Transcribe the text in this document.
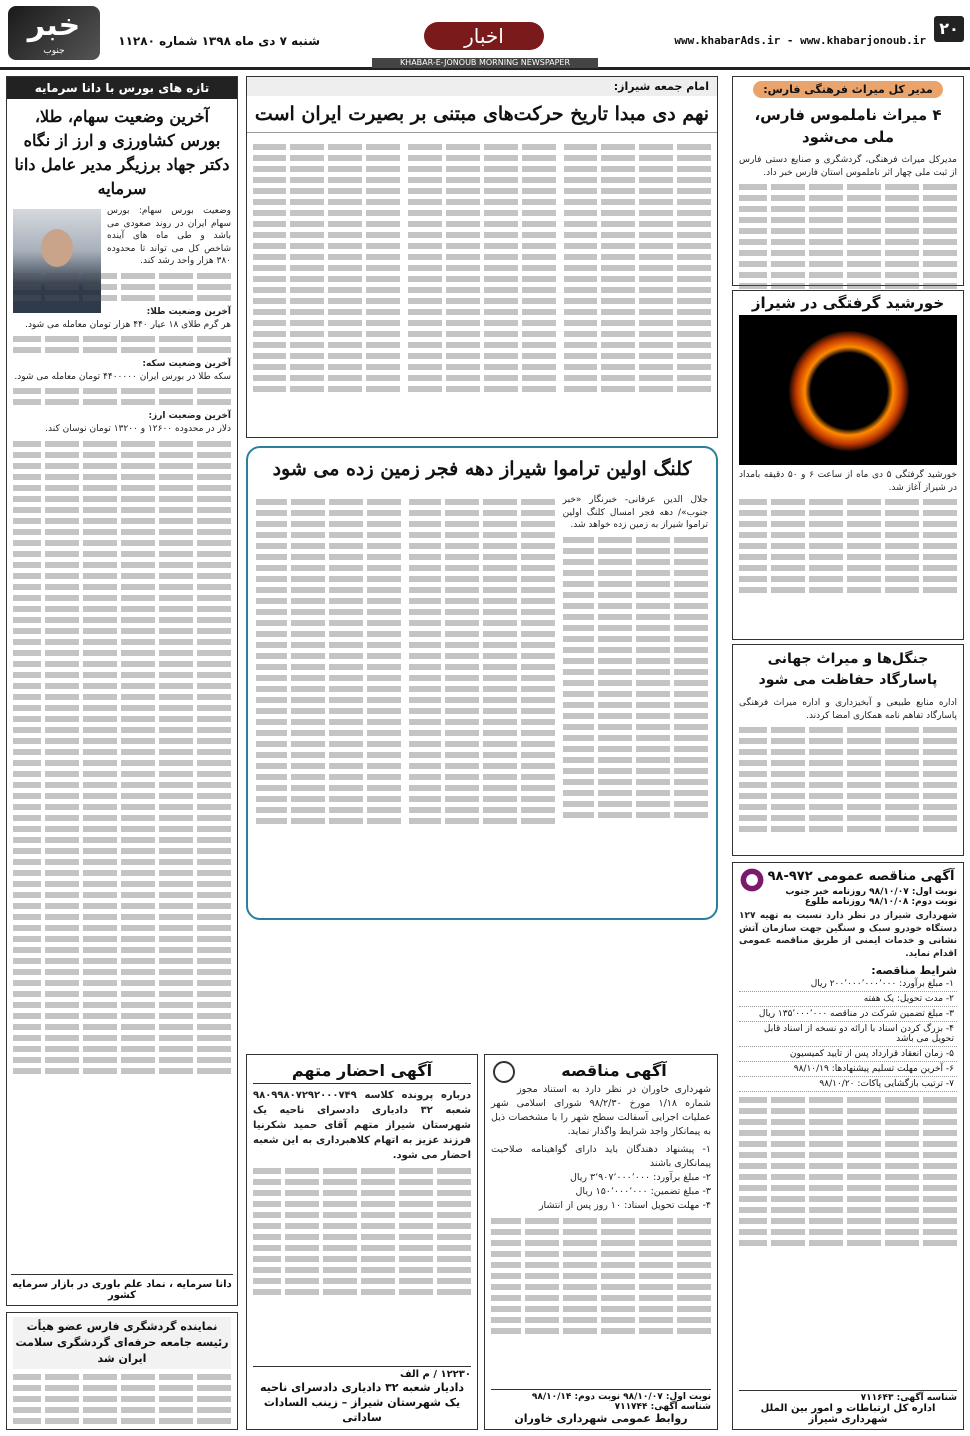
۲۰
www.khabarAds.ir - www.khabarjonoub.ir
اخبار
شنبه ۷ دی ماه ۱۳۹۸ شماره ۱۱۲۸۰
خبر
جنوب
KHABAR-E-JONOUB MORNING NEWSPAPER
تازه های بورس با دانا سرمایه
آخرین وضعیت سهام، طلا، بورس کشاورزی و ارز از نگاه دکتر جهاد برزیگر مدیر عامل دانا سرمایه

وضعیت بورس سهام: بورس سهام ایران در روند صعودی می باشد و طی ماه های آینده شاخص کل می تواند تا محدوده ۳۸۰ هزار واحد رشد کند.

آخرین وضعیت طلا:

هر گرم طلای ۱۸ عیار ۴۴۰ هزار تومان معامله می شود.

آخرین وضعیت سکه:

سکه طلا در بورس ایران ۴۴۰۰۰۰۰ تومان معامله می شود.

آخرین وضعیت ارز:

دلار در محدوده ۱۲۶۰۰ و ۱۳۲۰۰ تومان نوسان کند.

دانا سرمایه ، نماد علم باوری در بازار سرمایه کشور
نماینده گردشگری فارس عضو هیأت رئیسه جامعه حرفه‌ای گردشگری سلامت ایران شد
امام جمعه شیراز:
نهم دی مبدا تاریخ حرکت‌های مبتنی بر بصیرت ایران است
کلنگ اولین تراموا شیراز دهه فجر زمین زده می شود

جلال الدین عرفانی- خبرنگار «خبر جنوب»/ دهه فجر امسال کلنگ اولین تراموا شیراز به زمین زده خواهد شد.

آگهی مناقصه

شهرداری خاوران در نظر دارد به استناد مجوز شماره ۱/۱۸ مورخ ۹۸/۲/۳۰ شورای اسلامی شهر عملیات اجرایی آسفالت سطح شهر را با مشخصات ذیل به پیمانکار واجد شرایط واگذار نماید.

۱- پیشنهاد دهندگان باید دارای گواهینامه صلاحیت پیمانکاری باشند

۲- مبلغ برآورد: ۳٬۹۰۷٬۰۰۰٬۰۰۰ ریال

۳- مبلغ تضمین: ۱۵۰٬۰۰۰٬۰۰۰ ریال

۴- مهلت تحویل اسناد: ۱۰ روز پس از انتشار

نوبت اول: ۹۸/۱۰/۰۷ نوبت دوم: ۹۸/۱۰/۱۴

شناسه آگهی: ۷۱۱۷۴۴

روابط عمومی شهرداری خاوران

آگهی احضار متهم

درباره پرونده کلاسه ۹۸۰۹۹۸۰۷۲۹۲۰۰۰۷۴۹ شعبه ۳۲ دادیاری دادسرای ناحیه یک شهرستان شیراز متهم آقای حمید شکرنیا فرزند عزیز به اتهام کلاهبرداری به این شعبه احضار می شود.

۱۲۲۳۰ / م الف

دادیار شعبه ۳۲ دادیاری دادسرای ناحیه یک شهرستان شیراز – زینب السادات ساداتی

مدیر کل میراث فرهنگی فارس:
۴ میراث ناملموس فارس، ملی می‌شود

مدیرکل میراث فرهنگی، گردشگری و صنایع دستی فارس از ثبت ملی چهار اثر ناملموس استان فارس خبر داد.

خورشید گرفتگی در شیراز

خورشید گرفتگی ۵ دی ماه از ساعت ۶ و ۵۰ دقیقه بامداد در شیراز آغاز شد.

جنگل‌ها و میراث جهانی پاسارگاد حفاظت می شود

اداره منابع طبیعی و آبخیزداری و اداره میراث فرهنگی پاسارگاد تفاهم نامه همکاری امضا کردند.

آگهی مناقصه عمومی ۹۷۲-۹۸

نوبت اول: ۹۸/۱۰/۰۷ روزنامه خبر جنوب

نوبت دوم: ۹۸/۱۰/۰۸ روزنامه طلوع

شهرداری شیراز در نظر دارد نسبت به تهیه ۱۲۷ دستگاه خودرو سبک و سنگین جهت سازمان آتش نشانی و خدمات ایمنی از طریق مناقصه عمومی اقدام نماید.

شرایط مناقصه:

۱- مبلغ برآورد: ۲۰۰٬۰۰۰٬۰۰۰٬۰۰۰ ریال
۲- مدت تحویل: یک هفته
۳- مبلغ تضمین شرکت در مناقصه ۱۳۵٬۰۰۰٬۰۰۰ ریال
۴- بزرگ کردن اسناد با ارائه دو نسخه از اسناد قابل تحویل می باشد
۵- زمان انعقاد قرارداد پس از تایید کمیسیون
۶- آخرین مهلت تسلیم پیشنهادها: ۹۸/۱۰/۱۹
۷- ترتیب بازگشایی پاکات: ۹۸/۱۰/۲۰

شناسه آگهی: ۷۱۱۶۴۳

اداره کل ارتباطات و امور بین الملل شهرداری شیراز
